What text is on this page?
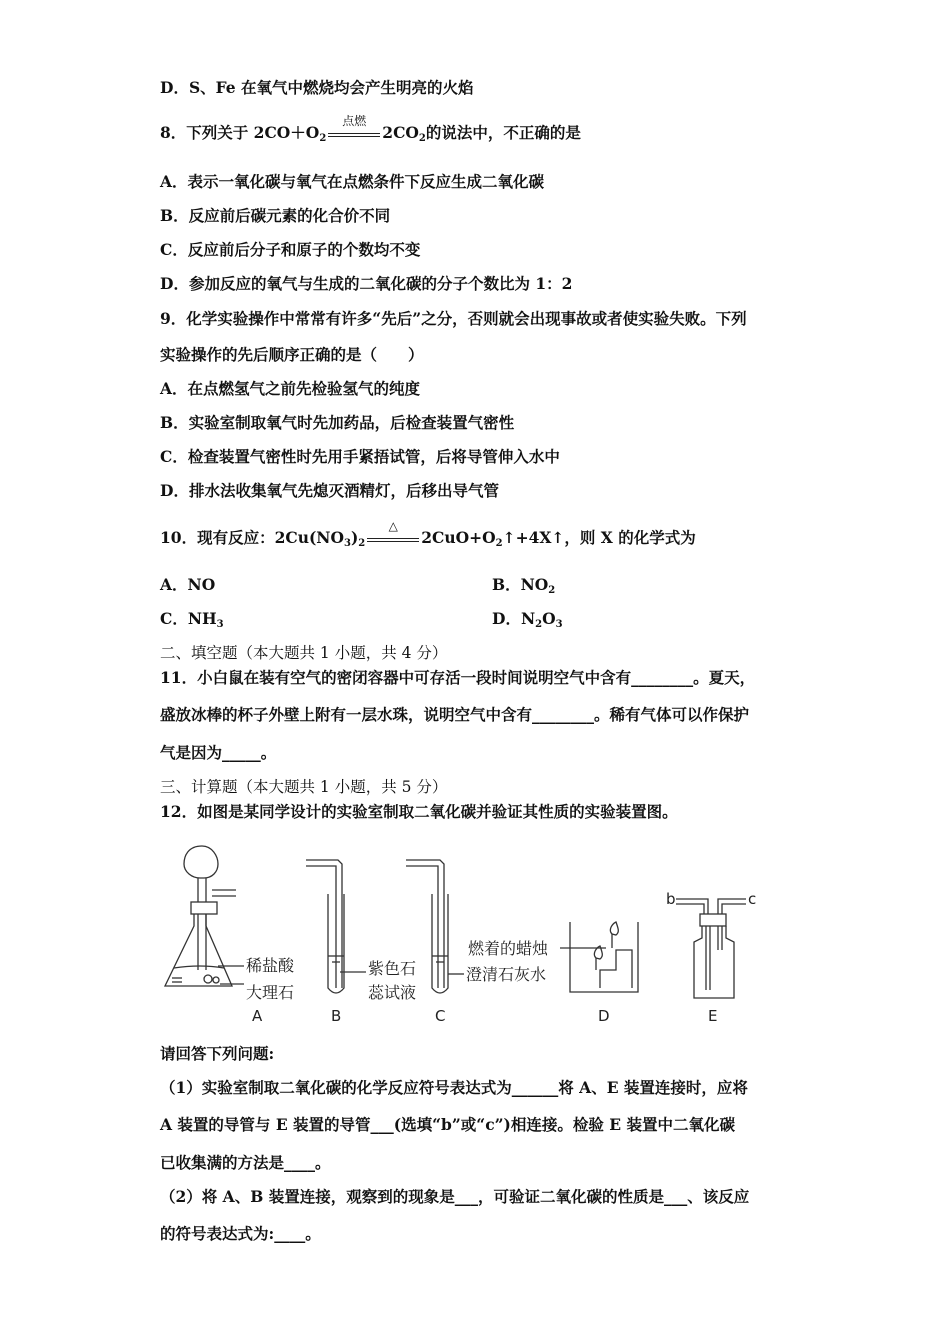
D．S、Fe 在氧气中燃烧均会产生明亮的火焰
8．下列关于 $2CO+O_2$
点燃
$2CO_2$的说法中，不正确的是
A．表示一氧化碳与氧气在点燃条件下反应生成二氧化碳
B．反应前后碳元素的化合价不同
C．反应前后分子和原子的个数均不变
D．参加反应的氧气与生成的二氧化碳的分子个数比为 1：2
9．化学实验操作中常常有许多“先后”之分，否则就会出现事故或者使实验失败。下列
实验操作的先后顺序正确的是（　　）
A．在点燃氢气之前先检验氢气的纯度
B．实验室制取氧气时先加药品，后检查装置气密性
C．检查装置气密性时先用手紧捂试管，后将导管伸入水中
D．排水法收集氧气先熄灭酒精灯，后移出导气管
10．现有反应：$2Cu(NO_3)_2$
△
$2CuO+O_2↑+4X↑$，则 X 的化学式为
A．NO	B．$NO_2$
C．$NH_3$	D．$N_2O_3$
二、填空题（本大题共 1 小题，共 4 分）
11．小白鼠在装有空气的密闭容器中可存活一段时间说明空气中含有________。夏天，
盛放冰棒的杯子外壁上附有一层水珠，说明空气中含有________。稀有气体可以作保护
气是因为_____。
三、计算题（本大题共 1 小题，共 5 分）
12．如图是某同学设计的实验室制取二氧化碳并验证其性质的实验装置图。
稀盐酸
大理石
A
紫色石
蕊试液
B	C
燃着的蜡烛
澄清石灰水
D
b	c
E
请回答下列问题:
（1）实验室制取二氧化碳的化学反应符号表达式为______将 A、E 装置连接时，应将
A 装置的导管与 E 装置的导管___(选填“b”或“c”)相连接。检验 E 装置中二氧化碳
已收集满的方法是____。
（2）将 A、B 装置连接，观察到的现象是___，可验证二氧化碳的性质是___、该反应
的符号表达式为:____。
